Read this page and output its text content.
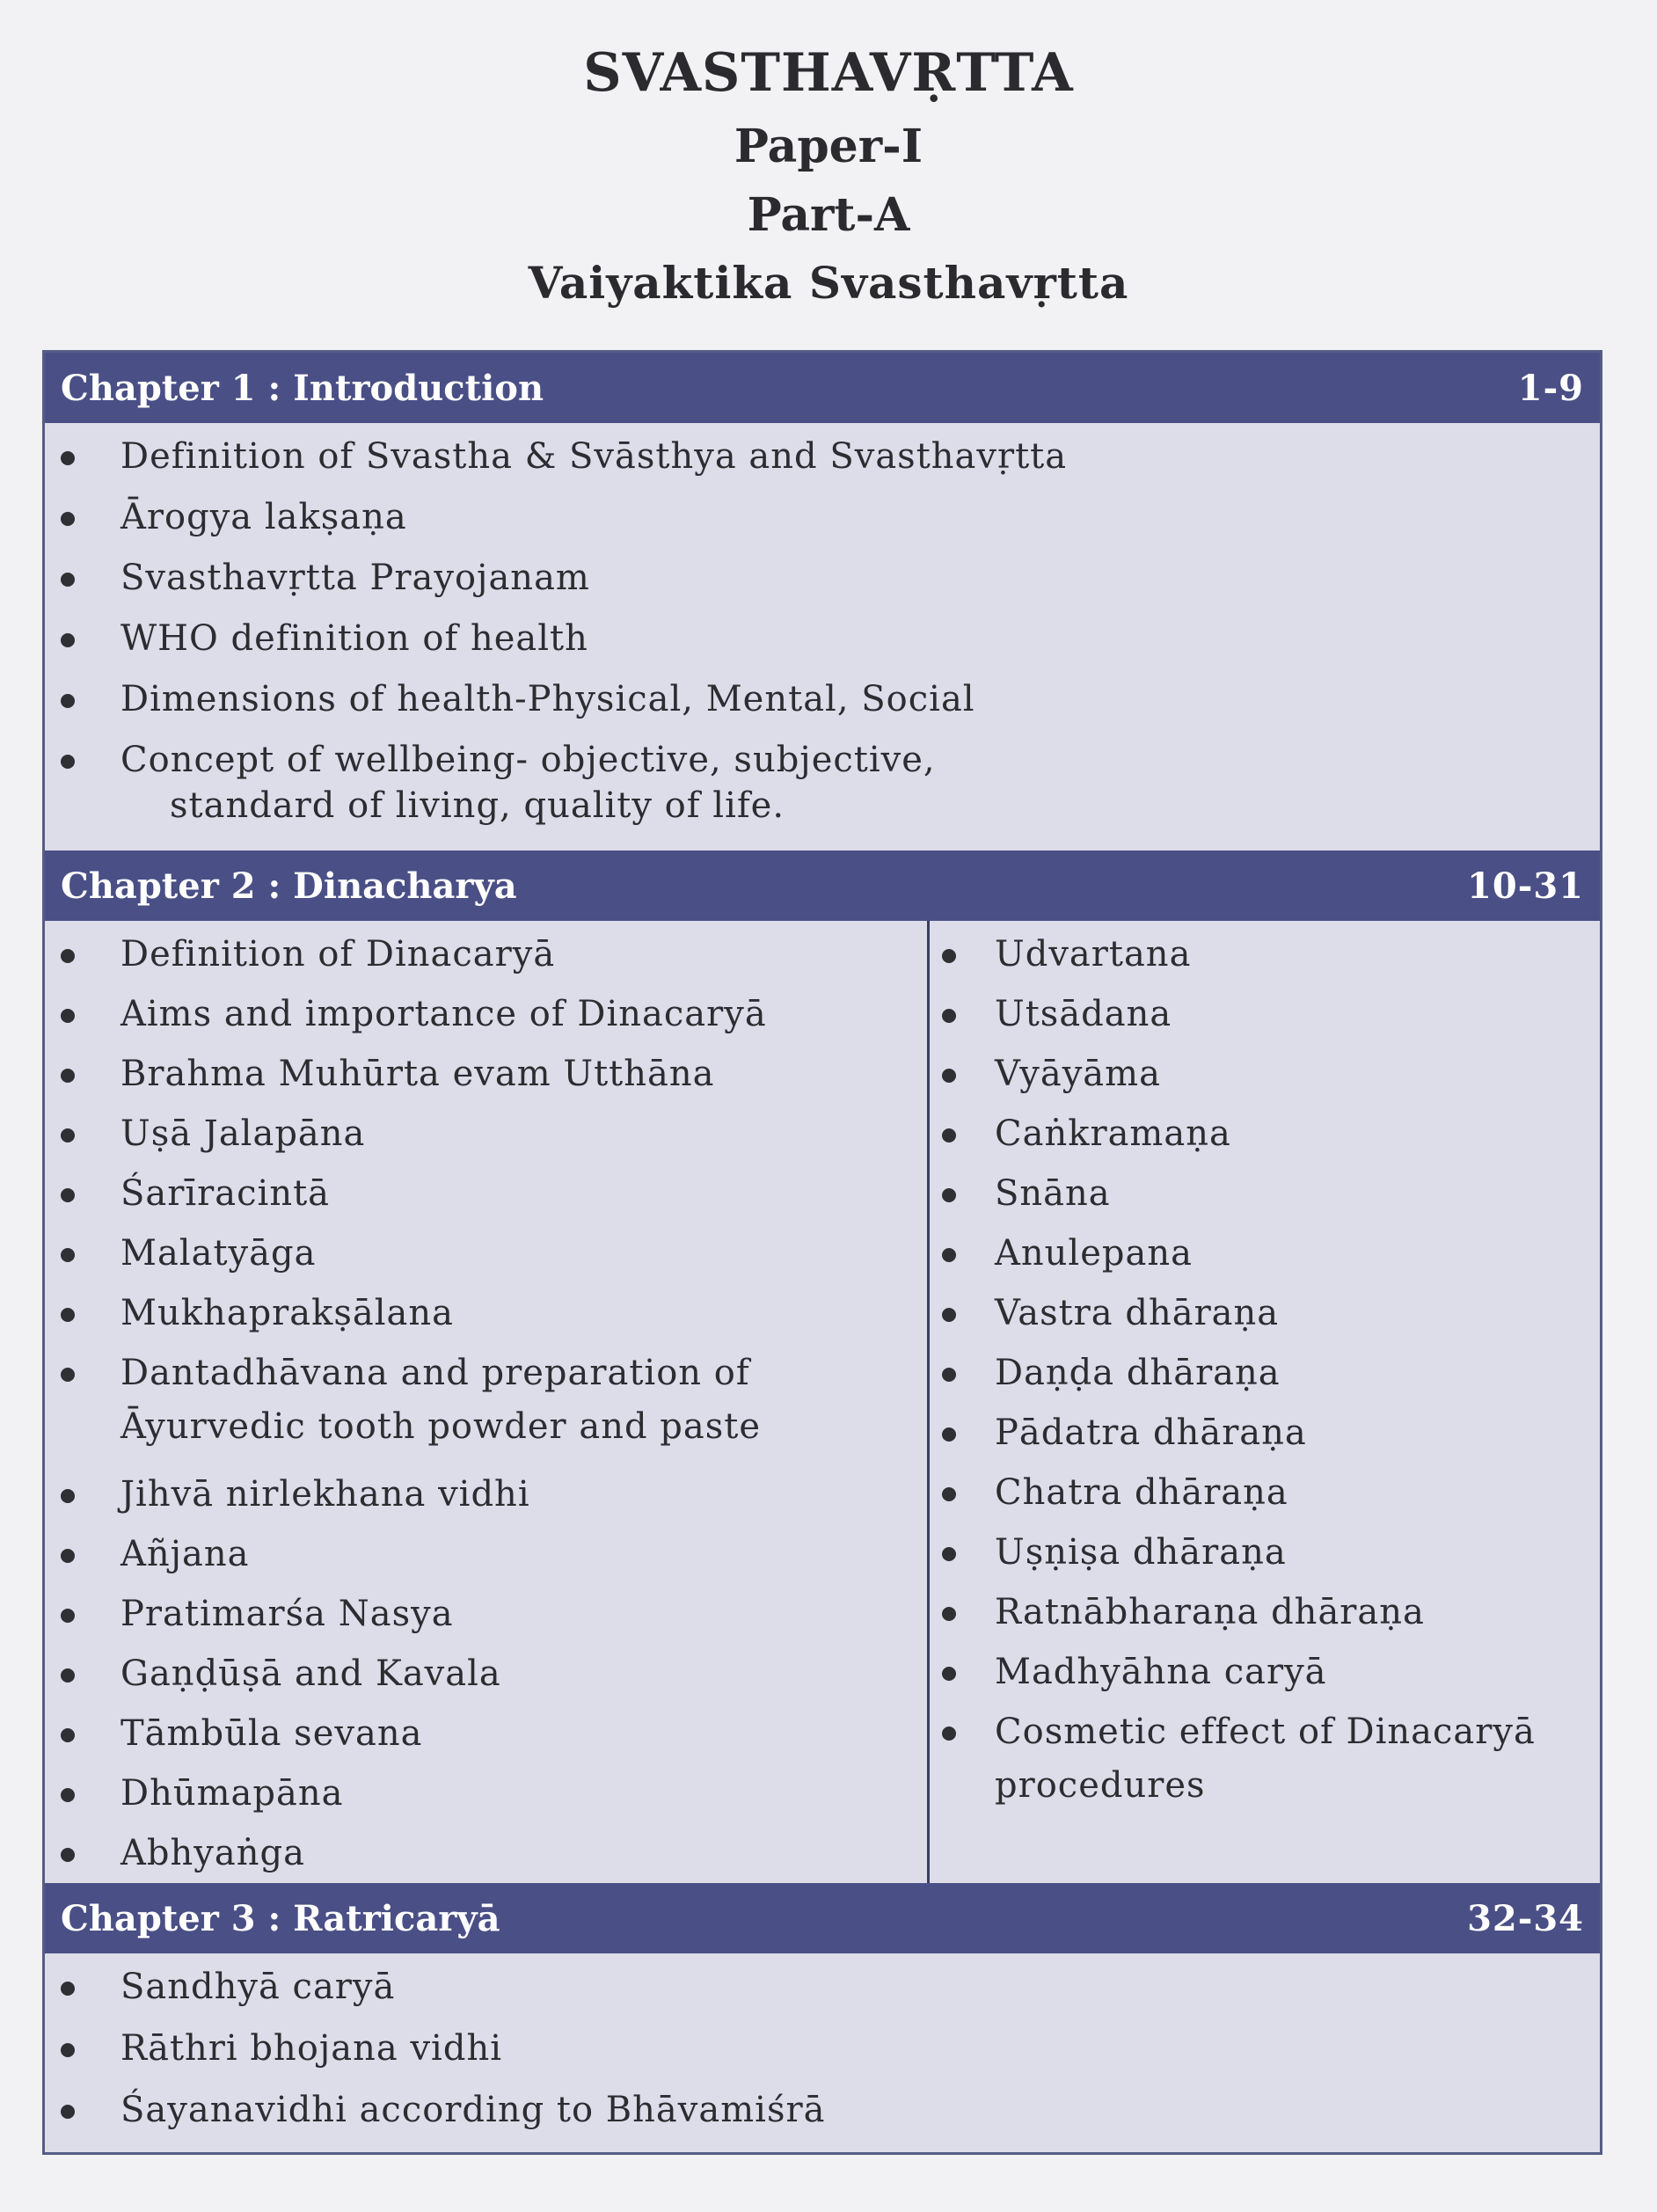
SVASTHAVṚTTA
Paper-I
Part-A
Vaiyaktika Svasthavṛtta
Chapter 1 : Introduction	1-9
Definition of Svastha & Svāsthya and Svasthavṛtta
Ārogya lakṣaṇa
Svasthavṛtta Prayojanam
WHO definition of health
Dimensions of health-Physical, Mental, Social
Concept of wellbeing- objective, subjective,
standard of living, quality of life.
Chapter 2 : Dinacharya	10-31
Definition of Dinacaryā
Aims and importance of Dinacaryā
Brahma Muhūrta evam Utthāna
Uṣā Jalapāna
Śarīracintā
Malatyāga
Mukhaprakṣālana
Dantadhāvana and preparation of
Āyurvedic tooth powder and paste
Jihvā nirlekhana vidhi
Añjana
Pratimarśa Nasya
Gaṇḍūṣā and Kavala
Tāmbūla sevana
Dhūmapāna
Abhyaṅga
Udvartana
Utsādana
Vyāyāma
Caṅkramaṇa
Snāna
Anulepana
Vastra dhāraṇa
Daṇḍa dhāraṇa
Pādatra dhāraṇa
Chatra dhāraṇa
Uṣṇiṣa dhāraṇa
Ratnābharaṇa dhāraṇa
Madhyāhna caryā
Cosmetic effect of Dinacaryā
procedures
Chapter 3 : Ratricaryā	32-34
Sandhyā caryā
Rāthri bhojana vidhi
Śayanavidhi according to Bhāvamiśrā
